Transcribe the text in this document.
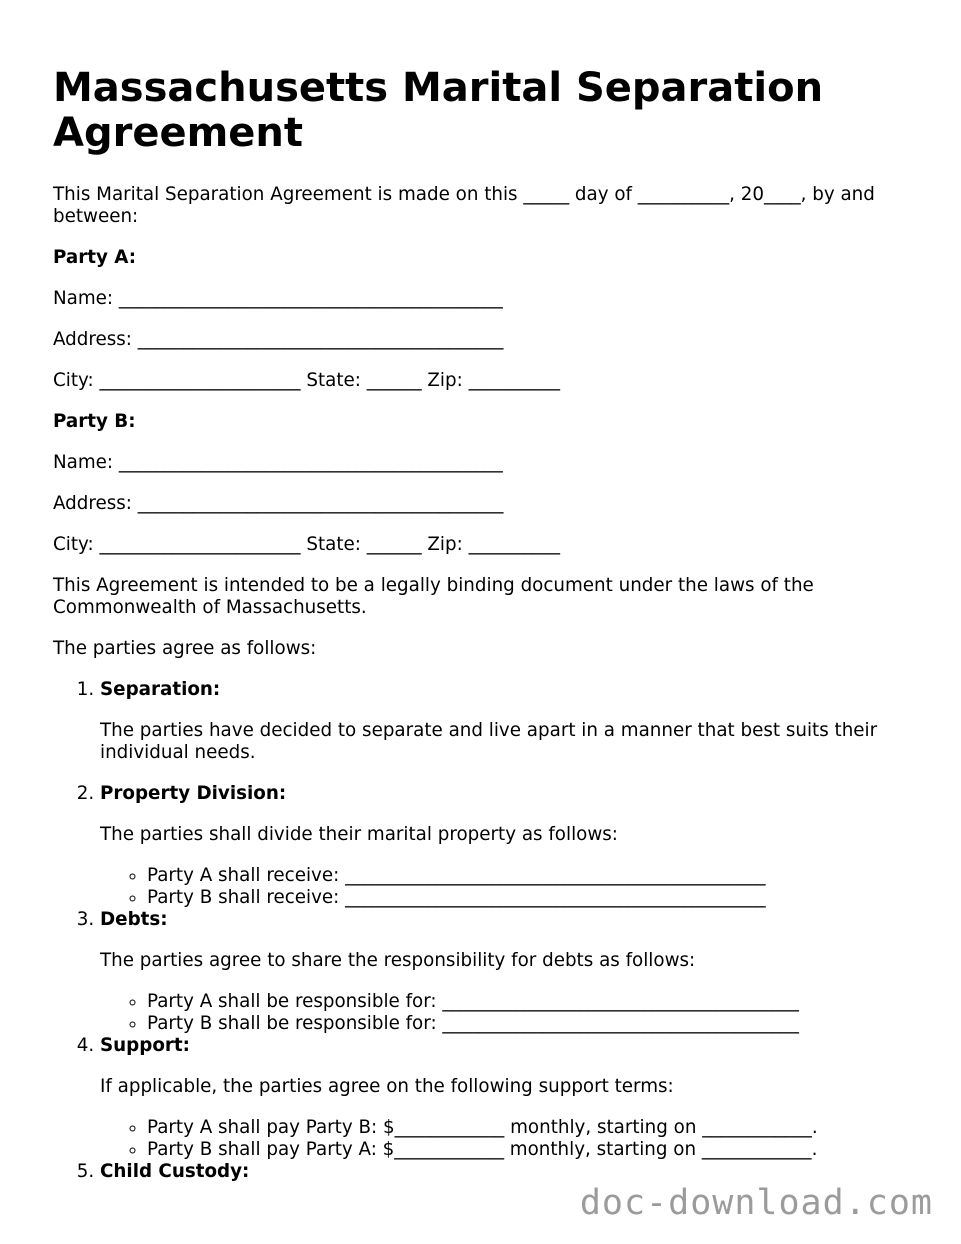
Massachusetts Marital Separation Agreement

This Marital Separation Agreement is made on this _____ day of __________, 20____, by and between:

Party A:

Name: __________________________________________

Address: ________________________________________

City: ______________________ State: ______ Zip: __________

Party B:

Name: __________________________________________

Address: ________________________________________

City: ______________________ State: ______ Zip: __________

This Agreement is intended to be a legally binding document under the laws of the Commonwealth of Massachusetts.

The parties agree as follows:

1. Separation:

The parties have decided to separate and live apart in a manner that best suits their individual needs.

2. Property Division:

The parties shall divide their marital property as follows:

◦ Party A shall receive: ______________________________________________
◦ Party B shall receive: ______________________________________________
3. Debts:

The parties agree to share the responsibility for debts as follows:

◦ Party A shall be responsible for: _______________________________________
◦ Party B shall be responsible for: _______________________________________
4. Support:

If applicable, the parties agree on the following support terms:

◦ Party A shall pay Party B: $____________ monthly, starting on ____________.
◦ Party B shall pay Party A: $____________ monthly, starting on ____________.
5. Child Custody:
doc-download.com
